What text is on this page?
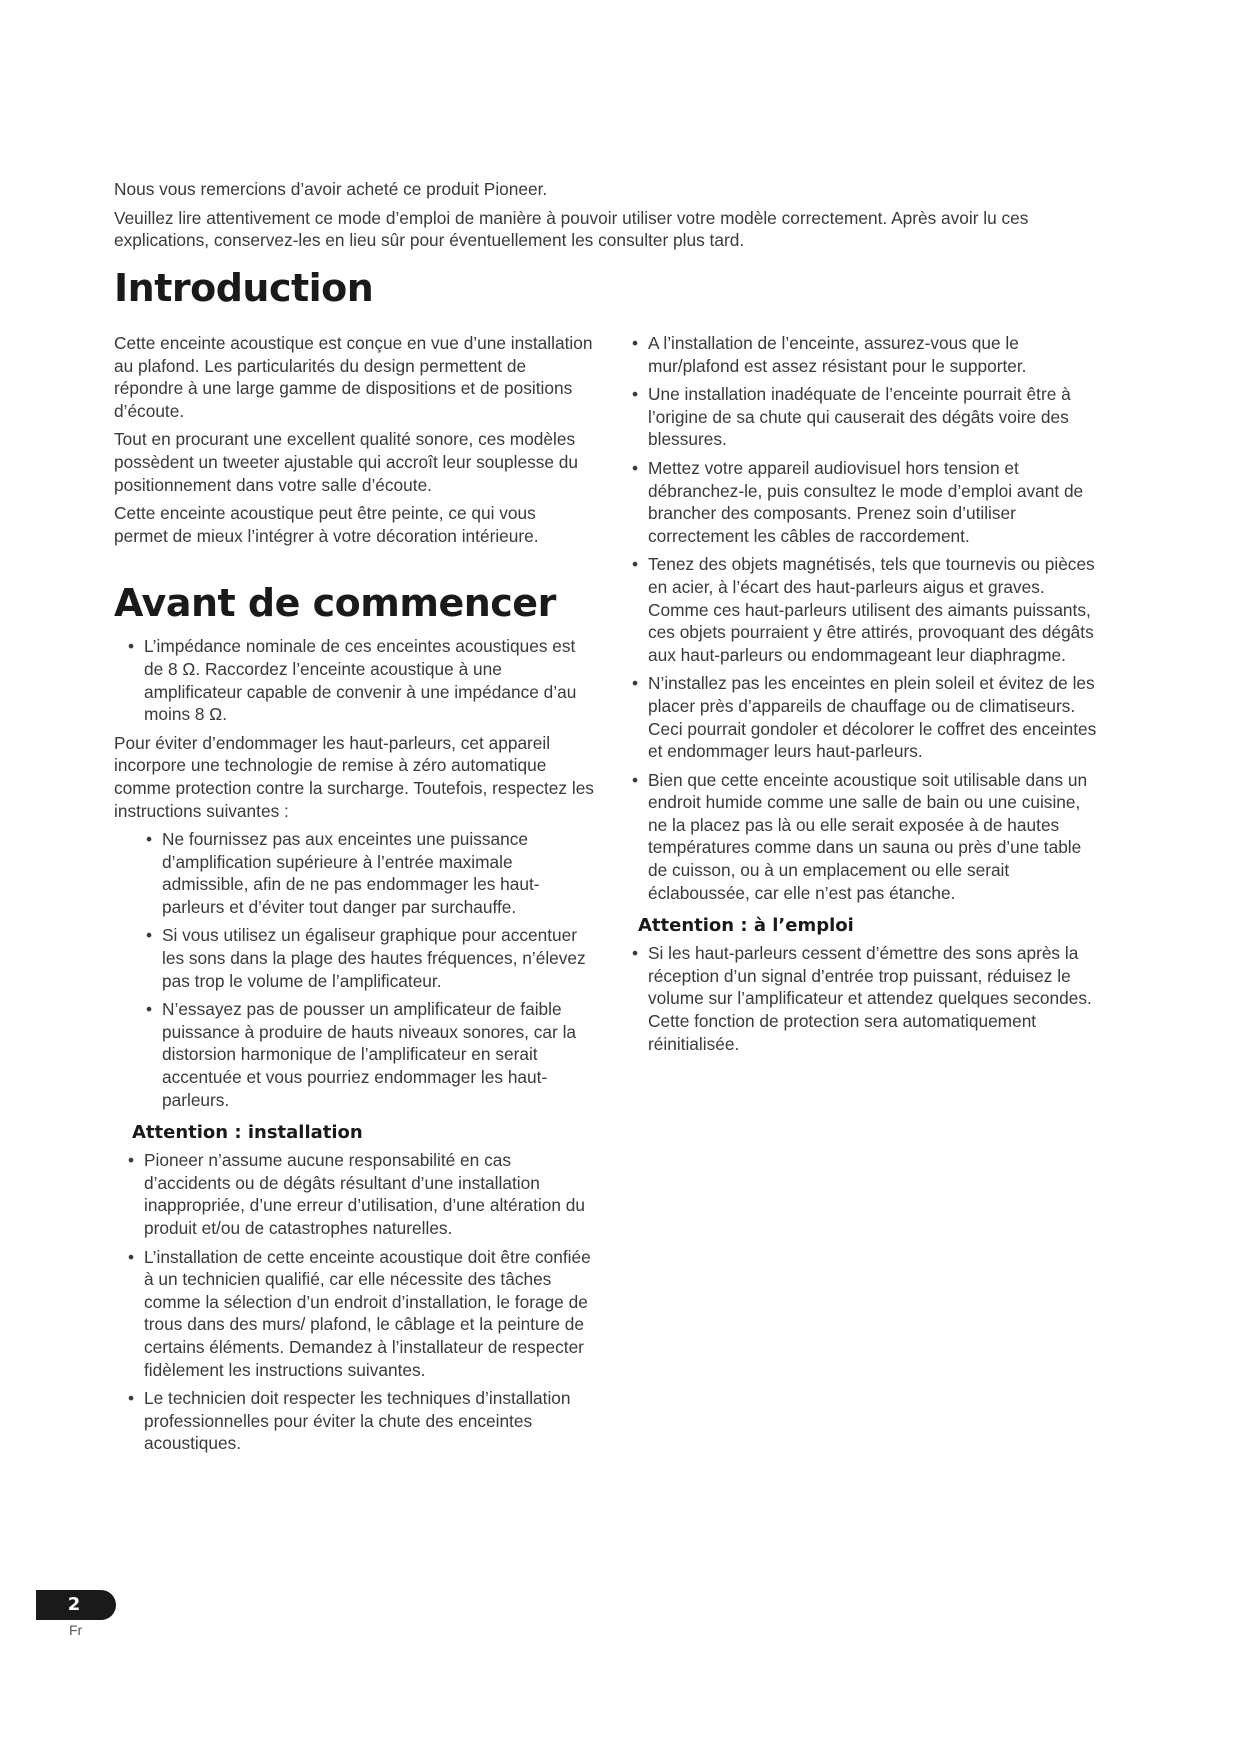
Nous vous remercions d’avoir acheté ce produit Pioneer.

Veuillez lire attentivement ce mode d’emploi de manière à pouvoir utiliser votre modèle correctement. Après avoir lu ces explications, conservez-les en lieu sûr pour éventuellement les consulter plus tard.

Introduction

Cette enceinte acoustique est conçue en vue d’une installation au plafond. Les particularités du design permettent de répondre à une large gamme de dispositions et de positions d’écoute.

Tout en procurant une excellent qualité sonore, ces modèles possèdent un tweeter ajustable qui accroît leur souplesse du positionnement dans votre salle d’écoute.

Cette enceinte acoustique peut être peinte, ce qui vous permet de mieux l’intégrer à votre décoration intérieure.

Avant de commencer
• L’impédance nominale de ces enceintes acoustiques est de 8 Ω. Raccordez l’enceinte acoustique à une amplificateur capable de convenir à une impédance d’au moins 8 Ω.

Pour éviter d’endommager les haut-parleurs, cet appareil incorpore une technologie de remise à zéro automatique comme protection contre la surcharge. Toutefois, respectez les instructions suivantes :

• Ne fournissez pas aux enceintes une puissance d’amplification supérieure à l’entrée maximale admissible, afin de ne pas endommager les haut-parleurs et d’éviter tout danger par surchauffe.
• Si vous utilisez un égaliseur graphique pour accentuer les sons dans la plage des hautes fréquences, n’élevez pas trop le volume de l’amplificateur.
• N’essayez pas de pousser un amplificateur de faible puissance à produire de hauts niveaux sonores, car la distorsion harmonique de l’amplificateur en serait accentuée et vous pourriez endommager les haut-parleurs.
Attention : installation
• Pioneer n’assume aucune responsabilité en cas d’accidents ou de dégâts résultant d’une installation inappropriée, d’une erreur d’utilisation, d’une altération du produit et/ou de catastrophes naturelles.
• L’installation de cette enceinte acoustique doit être confiée à un technicien qualifié, car elle nécessite des tâches comme la sélection d’un endroit d’installation, le forage de trous dans des murs/ plafond, le câblage et la peinture de certains éléments. Demandez à l’installateur de respecter fidèlement les instructions suivantes.
• Le technicien doit respecter les techniques d’installation professionnelles pour éviter la chute des enceintes acoustiques.
• A l’installation de l’enceinte, assurez-vous que le mur/plafond est assez résistant pour le supporter.
• Une installation inadéquate de l’enceinte pourrait être à l’origine de sa chute qui causerait des dégâts voire des blessures.
• Mettez votre appareil audiovisuel hors tension et débranchez-le, puis consultez le mode d’emploi avant de brancher des composants. Prenez soin d’utiliser correctement les câbles de raccordement.
• Tenez des objets magnétisés, tels que tournevis ou pièces en acier, à l’écart des haut-parleurs aigus et graves. Comme ces haut-parleurs utilisent des aimants puissants, ces objets pourraient y être attirés, provoquant des dégâts aux haut-parleurs ou endommageant leur diaphragme.
• N’installez pas les enceintes en plein soleil et évitez de les placer près d’appareils de chauffage ou de climatiseurs. Ceci pourrait gondoler et décolorer le coffret des enceintes et endommager leurs haut-parleurs.
• Bien que cette enceinte acoustique soit utilisable dans un endroit humide comme une salle de bain ou une cuisine, ne la placez pas là ou elle serait exposée à de hautes températures comme dans un sauna ou près d’une table de cuisson, ou à un emplacement ou elle serait éclaboussée, car elle n’est pas étanche.
Attention : à l’emploi
• Si les haut-parleurs cessent d’émettre des sons après la réception d’un signal d’entrée trop puissant, réduisez le volume sur l’amplificateur et attendez quelques secondes. Cette fonction de protection sera automatiquement réinitialisée.
2
Fr
